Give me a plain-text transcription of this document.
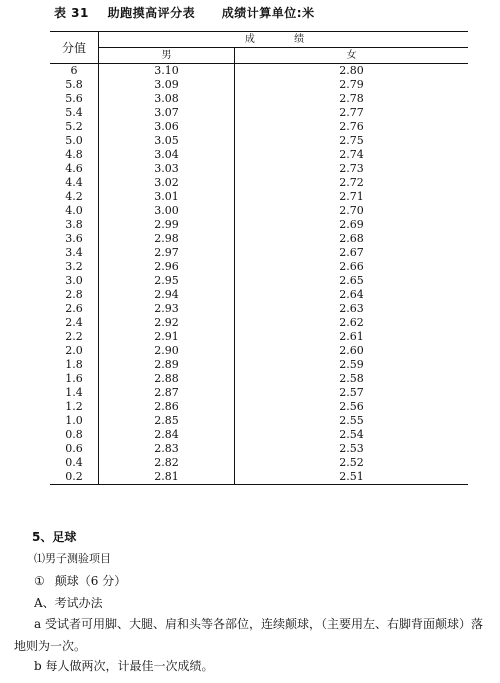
表 31 助跑摸高评分表 成绩计算单位:米
分值	成 绩	
	男	女
6	3.10	2.80
5.8	3.09	2.79
5.6	3.08	2.78
5.4	3.07	2.77
5.2	3.06	2.76
5.0	3.05	2.75
4.8	3.04	2.74
4.6	3.03	2.73
4.4	3.02	2.72
4.2	3.01	2.71
4.0	3.00	2.70
3.8	2.99	2.69
3.6	2.98	2.68
3.4	2.97	2.67
3.2	2.96	2.66
3.0	2.95	2.65
2.8	2.94	2.64
2.6	2.93	2.63
2.4	2.92	2.62
2.2	2.91	2.61
2.0	2.90	2.60
1.8	2.89	2.59
1.6	2.88	2.58
1.4	2.87	2.57
1.2	2.86	2.56
1.0	2.85	2.55
0.8	2.84	2.54
0.6	2.83	2.53
0.4	2.82	2.52
0.2	2.81	2.51
5、足球
⑴男子测验项目
① 颠球（6 分）
A、考试办法
a 受试者可用脚、大腿、肩和头等各部位，连续颠球，（主要用左、右脚背面颠球）落
地则为一次。
b 每人做两次，计最佳一次成绩。
